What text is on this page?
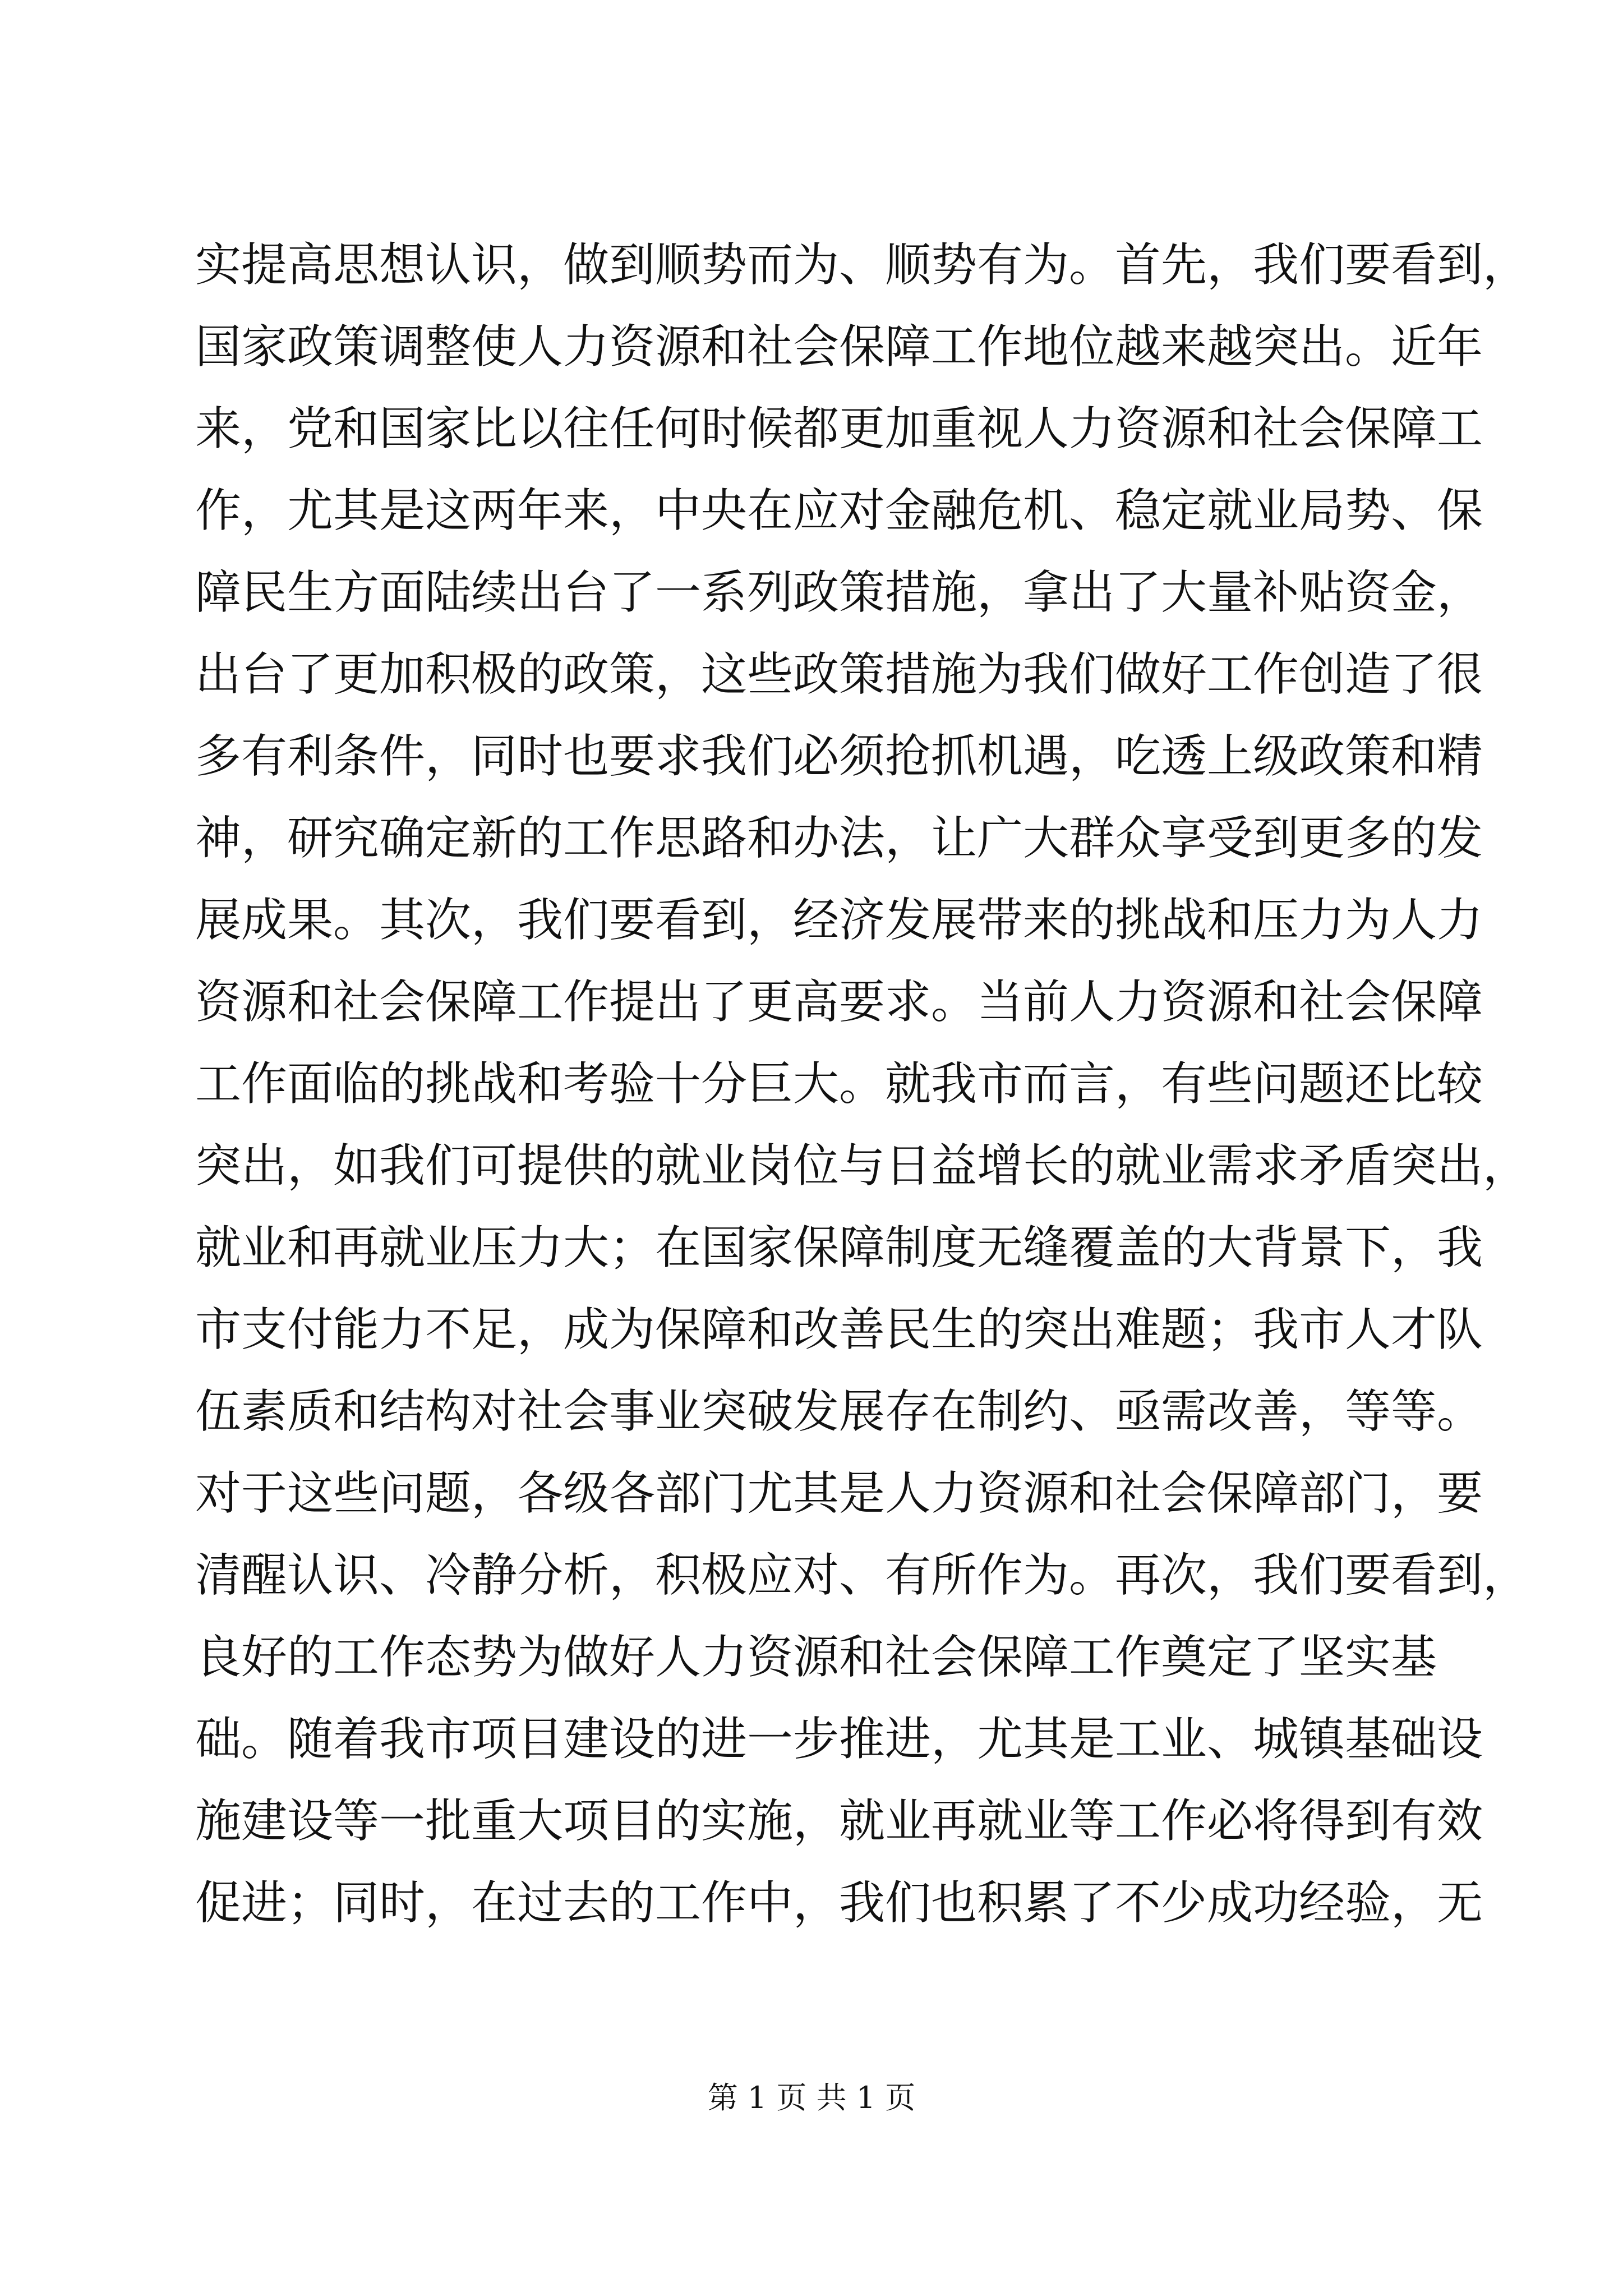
实提高思想认识，做到顺势而为、顺势有为。首先，我们要看到，
国家政策调整使人力资源和社会保障工作地位越来越突出。近年
来，党和国家比以往任何时候都更加重视人力资源和社会保障工
作，尤其是这两年来，中央在应对金融危机、稳定就业局势、保
障民生方面陆续出台了一系列政策措施，拿出了大量补贴资金，
出台了更加积极的政策，这些政策措施为我们做好工作创造了很
多有利条件，同时也要求我们必须抢抓机遇，吃透上级政策和精
神，研究确定新的工作思路和办法，让广大群众享受到更多的发
展成果。其次，我们要看到，经济发展带来的挑战和压力为人力
资源和社会保障工作提出了更高要求。当前人力资源和社会保障
工作面临的挑战和考验十分巨大。就我市而言，有些问题还比较
突出，如我们可提供的就业岗位与日益增长的就业需求矛盾突出，
就业和再就业压力大；在国家保障制度无缝覆盖的大背景下，我
市支付能力不足，成为保障和改善民生的突出难题；我市人才队
伍素质和结构对社会事业突破发展存在制约、亟需改善，等等。
对于这些问题，各级各部门尤其是人力资源和社会保障部门，要
清醒认识、冷静分析，积极应对、有所作为。再次，我们要看到，
良好的工作态势为做好人力资源和社会保障工作奠定了坚实基
础。随着我市项目建设的进一步推进，尤其是工业、城镇基础设
施建设等一批重大项目的实施，就业再就业等工作必将得到有效
促进；同时，在过去的工作中，我们也积累了不少成功经验，无
第 1 页 共 1 页
